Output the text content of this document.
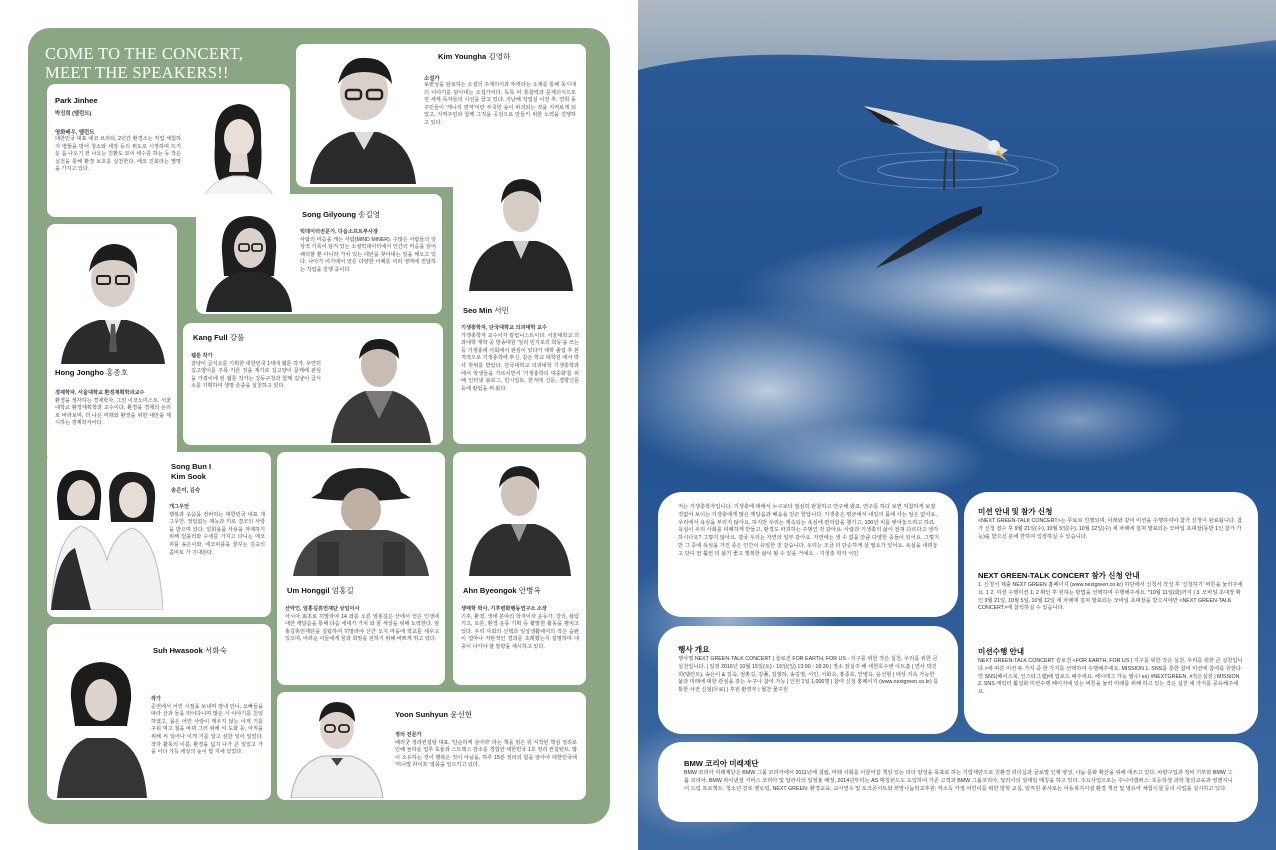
COME TO THE CONCERT,
MEET THE SPEAKERS!!
Park Jinhee
박진희 (탤런트)
영화배우, 탤런트
대한민국 대표 에코 브리티, 2년간 환경소는 직업 체험하지 병뜰을 방어 청소와 세작 등의 퓌도로 시장하며 뜨거운 룸 나오기 전 나오는 친환도 묘이 세수를 하는 등 작은 실천을 통해 환경 보호를 실천한다, 에코 진회라는 별명을 가지고 있다.
Kim Youngha 김영하
소설가
보편성을 담보하는 소설의 주제의식과 뚜렷다는 소재를 통해 동시대의 이야기를 담아내는 소설가이다. 독특 이 통찰력과 문제의식으로 전 세계 독자들의 시선을 끌고 있다. 지난해 작업실 이전 후, 연희 동 주민들이 '게니리 먼저'이란 부국민 숲이 파괴되는 것을 지켜보게 되었고, 지역주민과 함께 그것을 공원으로 만들기 위한 노력을 진행하고 있다.
Song Gilyoung 송길영
빅데이터전문가, 다음소프트부사장
사람의 마음을 캐는 사람(MIND MINER). 수많은 사람들의 일상적 기록이 담겨 있는 소셜빅데이터에서 인간의 마음을 읽어 해석할 뿐 아니라 가치 있는 대안을 찾아내는 일을 해오고 있다. 나아가 여기에서 얻은 다양한 이해를 여러 영역에 전달하는 작업을 진행 중이다.
Hong Jongho 홍종호
경제학자, 서울대학교 환경계획학과교수
환경을 생각하는 경제학자, 그린 이코노미스트. 서울대학교 환경계획학과 교수이다. 환경을 경제의 논리로 바라보며, 더 나은 미래와 환경을 위한 대안을 제시하는 경제학자이다.
Kang Full 강풀
웹툰 작가
갈냥이 급식소를 기획한 대한민국 1세대 웹툰 작가. 우연히 길고양이를 주목 기른 것을 계기로 길고양이 문제에 관심을 가졌이에 된 웹툰 작가는 강동구청과 함께 길냥이 급식소를 기획하여 생명 존중을 실천하고 있다.
Seo Min 서민
기생충학자, 단국대학교 의과대학 교수
가생충학자 교수이자 칼럼니스트이다. 서울대학교 의과대학 재학 중 방송대원 '일리 민지로의 희동'을 쓰는 등 기생충에 사회에서 관심이 있다가 대학 졸업 후 본격적으로 기생충학에 투신, 같은 학교 대학원 에서 박사 학위를 받았다. 단국대학교 의과대학 기생충학과에서 학생들을 가르치면서 '기생충학의 대중화'를 위해 인터넷 블로그, 민시일보, 한겨레 신문, 경향신문 등에 칼럼을 써 왔다.
Song Bun I
Kim Sook
송은이, 김숙
개그우먼
행복과 웃음을 전파하는 대한민국 대표 개그우먼. 정일없는 재능과 끼로 결코의 사랑을 받으며 있다. 일회용품 사용을 자제하기 위해 텀블러와 수세를 가지고 다니는 에코피플 송은이와, 에코피플을 꿈꾸는 김숙의 콤비로 가 기대된다.
Um Honggil 엄홍길
산악인, 엄홍길휴먼재단 상임이사
아시아 최초로 히말라야 14 좌를 오른 엄홍길은 산에서 얻은 인생에 대한 깨달음을 통해 다음 세대가 가치 와 꿈 세상을 위해 노력한다. 엄홍길휴먼재단을 설립하여 히말라야 산간 오지 마을에 학교를 세우고 있으며, 어려운 이들에게 꿈과 희망을 전하기 위해 바쁘게 뛰고 있다.
Ahn Byeongok 안병옥
생태학 박사, 기후변화행동연구소 소장
기후, 환경, 생태 분야의 학자이자 운동가. 강의, 칼럼 기고, 토론, 환경 운동 기획 등 활발한 활동을 펼치고 있다. 우리 사회의 선택과 일상생활에서의 작은 습관이 얼마나 저탄적인 결과를 초래했는지 설명하며 대중이 나가야 할 방향을 제시하고 있다.
Suh Hwasook 서화숙
작가
준전에서 어린 시절을 보내며 장내 인니, 오빠들을 따라 산과 들을 뛰어다니며 많은 시 이야기를 친일하였고, 몸은 어린 사랑이 깨우지 않는 이게 기를 구워 먹고 철을 바꿔 그러 위해 씨 도화 등, 아직을 위해 씨 일어나 이게 기를 알고 심한 일이 일었다. 작자 활동의 이름, 환경을 넓지 나가 큰 일었고 가을 이다 가득 세상의 눈이 빛 지에 있었다.
Yoon Sunhyun 윤선현
정리 전문가
베리굿 정리컨설팅 대표. '단순하게 살아라' 라는 책을 읽은 뒤 시작된 핵심 정리로 인해 놀라운 업무 효율과 스트레스 감소를 경험한 대한민국 1호 정리 컨설턴트. 많이 소유하는 것이 행복은 것이 아님을, 하루 15분 정리의 힘을 알아야 대한민국에 '미니멀 라이프' 열풍을 일으키고 있다.
저는 기생충학자입니다. 기생충에 대해서 누구보다 열심히 관찰하고 연구해 왔죠. 연구를 하다 보면 처참하게 보잘것없어 보이는 기생충에게 많은 깨달음과 배움을 얻곤 한답니다. 기생충은 평균에서 내일의 몸에 사는 일은 없어요. 우리에서 욕심을 부리지 않아요. 하지만 우리는 계속되는 욕심에 편리함을 챙기고, 100년 치를 쌓아놓으려고 하죠. 욕심이 우리 사회를 피폐하게 만들고, 환경도 파괴하는 주범인 것 같아요. 사람과 기생충의 삶이 전혀 다르다고 생각하시나요? 그렇지 않아요. 결국 우리는 자연의 일부 같아요. 자연에는 생 수 없을 만큼 다양한 종들이 있어요. 그렇지만 그 중에 욕심을 가진 종은 인간이 유일한 것 같습니다. 우리는 조금 더 단순하게 살 필요가 있어요. 욕심을 내려놓고 단디 먼 훨씬 더 삶기 좋고 행복한 삶이 될 수 있을 거예요. - 기생충 학자 서민
행사 개요
행사명 NEXT GREEN-TALK CONCERT | 슬로건 FOR EARTH, FOR US - 지구를 위한 작은 실천, 우리를 위한 큰 실천입니다. | 일정 2016년 10월 15일(토) - 16일(일) 13:00 - 18:30 | 장소 잠실주 해 세한호수변 아트홀 | 연사 박진희(탤런트), 송은이 & 김숙, 엄홍길, 강풀, 김영하, 송길영, 서민, 서화숙, 홍종호, 안병옥, 윤선현 | 대상 지속 가능한 삶과 미래에 대한 관심을 갖는 누구나 참여 가능 | 인원 1일 1,000명 | 참여 신청 홈페이지 (www.nextgreen.co.kr) 를 통한 사전 신청(무료) | 후원 환경부 | 협찬 물주원
미션 안내 및 참가 신청
<NEXT GREEN-TALK CONCERT>는 무료로 진행되며, 이래와 같이 미션을 수행하셔야 참가 신청이 완료됩니다. 참가 신청 접수 후 9월 21일(수), 10월 5일(수), 10월 12일(수) 세 차례에 걸쳐 발표되는 모바일 초대장(동반 1인 참가 가능)을 받으신 분에 한하여 입장하실 수 있습니다.
NEXT GREEN-TALK CONCERT 참가 신청 안내
1. 신청서 제출 NEXT GREEN 홈페이지 (www.nextgreen.co.kr) 하단에서 신청서 작성 후 '신청하기' 버튼을 눌러주세요. 1 2. 미션 수행미션 1, 2 확인 후 원하는 방법을 선택하여 수행해주세요. *10월 11일(화)까지 | 3. 모바일 초대장 확인 9월 21일, 10월 5일, 10월 12일 세 차례에 걸쳐 발표되는 모바일 초대장을 받으셔야만 <NEXT GREEN-TALK CONCERT>에 참석하실 수 있습니다.
미션수행 안내
NEXT GREEN-TALK CONCERT 슬로건 <FOR EARTH, FOR US | 지구를 위한 작은 실천, 우리를 위한 큰 실천입니다.>에 따른 미션 두 가지 중 한 가지를 선택하여 수행해주세요. MISSION 1. SNS를 통한 참여 미션에 참여를 원한다면 SNS(페이스북, 인스타그램)에 업로드 해주세요. 해시태그 가능 필수! ex) #NEXTGREEN, #작은실천 | MISSION 2. SNS 캐릭터 활성화 미션수행 페이지에 있는 버튼을 눌러 미래를 위해 하고 있는 작은 실천 세 가지를 공유해주세요.
BMW 코리아 미래재단
BMW 코리아 미래재단은 BMW 그룹 코리아에서 2011년에 설립, 미래 사회를 이끌어갈 책임 있는 리더 양성을 목표로 하는 기업재단으로 친환경 리더십과 글로벌 인재 양성, 나눔 문화 확산을 위해 애쓰고 있다. 차량구입과 정비 기부와 BMW 그룹 코리아, BMW 파이낸셜 서비스 코리아 및 딜러사의 일정율 배정, 2014년부터는 AS 매칭펀드도 도입하여 기존 고객과 BMW 그룹코리아, 딜러사의 일대일 매칭을 하고 있다. 주요사업으로는 주니어캠퍼스: 초등학생 과학 창의교육과 영앤지니어 드림 프로젝트: 청소년 진로 멘토링, NEXT GREEN: 환경교육, 교사연수 및 토크콘서트와 희망나눔학교후원: 저소득 가정 어린이를 위한 방학 교실, 임직원 봉사로는 아동복지시설 환경 개선 및 영유아 체험시설 등의 사업을 실시하고 있다.
